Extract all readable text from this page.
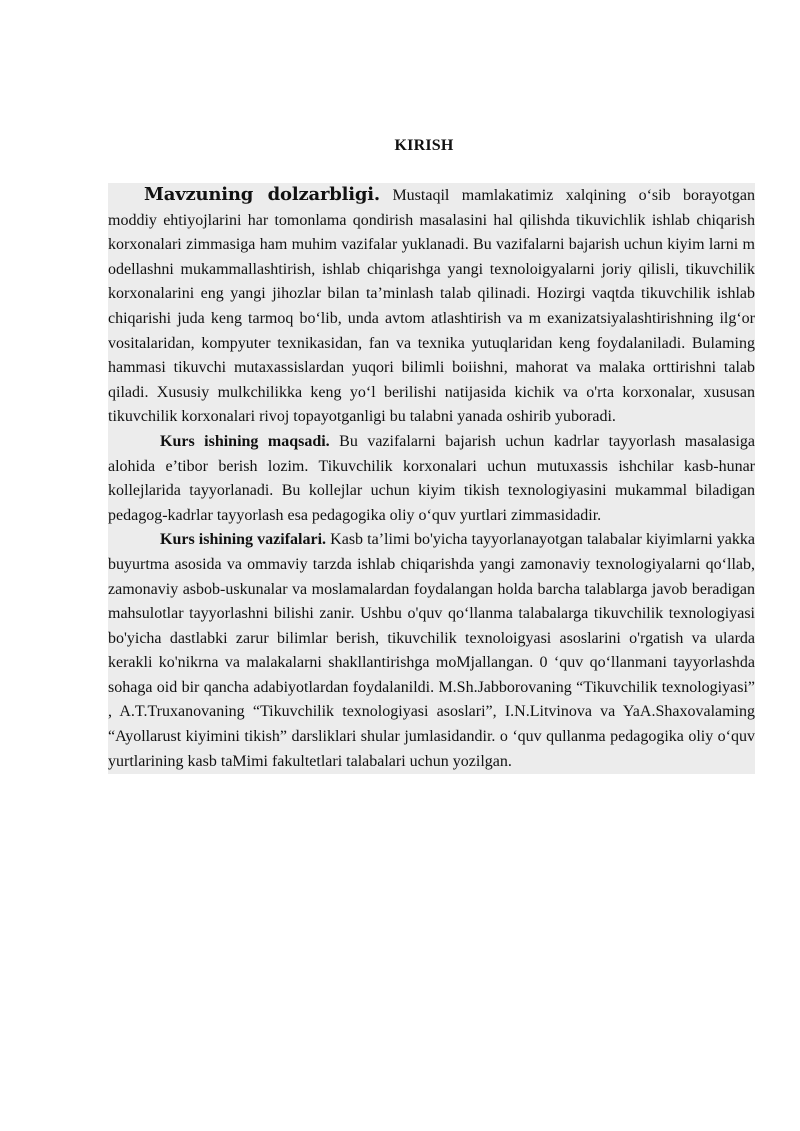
KIRISH

Mavzuning dolzarbligi. Mustaqil mamlakatimiz xalqining o‘sib borayotgan moddiy ehtiyojlarini har tomonlama qondirish masalasini hal qilishda tikuvichlik ishlab chiqarish korxonalari zimmasiga ham muhim vazifalar yuklanadi. Bu vazifalarni bajarish uchun kiyim larni m odellashni mukammallashtirish, ishlab chiqarishga yangi texnoloigyalarni joriy qilisli, tikuvchilik korxonalarini eng yangi jihozlar bilan ta’minlash talab qilinadi. Hozirgi vaqtda tikuvchilik ishlab chiqarishi juda keng tarmoq bo‘lib, unda avtom atlashtirish va m exanizatsiyalashtirishning ilg‘or vositalaridan, kompyuter texnikasidan, fan va texnika yutuqlaridan keng foydalaniladi. Bulaming hammasi tikuvchi mutaxassislardan yuqori bilimli boiishni, mahorat va malaka orttirishni talab qiladi. Xususiy mulkchilikka keng yo‘l berilishi natijasida kichik va o'rta korxonalar, xususan tikuvchilik korxonalari rivoj topayotganligi bu talabni yanada oshirib yuboradi.

Kurs ishining maqsadi. Bu vazifalarni bajarish uchun kadrlar tayyorlash masalasiga alohida e’tibor berish lozim. Tikuvchilik korxonalari uchun mutuxassis ishchilar kasb-hunar kollejlarida tayyorlanadi. Bu kollejlar uchun kiyim tikish texnologiyasini mukammal biladigan pedagog-kadrlar tayyorlash esa pedagogika oliy o‘quv yurtlari zimmasidadir.

Kurs ishining vazifalari. Kasb ta’limi bo'yicha tayyorlanayotgan talabalar kiyimlarni yakka buyurtma asosida va ommaviy tarzda ishlab chiqarishda yangi zamonaviy texnologiyalarni qo‘llab, zamonaviy asbob-uskunalar va moslamalardan foydalangan holda barcha talablarga javob beradigan mahsulotlar tayyorlashni bilishi zanir. Ushbu o'quv qo‘llanma talabalarga tikuvchilik texnologiyasi bo'yicha dastlabki zarur bilimlar berish, tikuvchilik texnoloigyasi asoslarini o'rgatish va ularda kerakli ko'nikrna va malakalarni shakllantirishga moMjallangan. 0 ‘quv qo‘llanmani tayyorlashda sohaga oid bir qancha adabiyotlardan foydalanildi. M.Sh.Jabborovaning “Tikuvchilik texnologiyasi” , A.T.Truxanovaning “Tikuvchilik texnologiyasi asoslari”, I.N.Litvinova va YaA.Shaxovalaming “Ayollarust kiyimini tikish” darsliklari shular jumlasidandir. o ‘quv qullanma pedagogika oliy o‘quv yurtlarining kasb taMimi fakultetlari talabalari uchun yozilgan.
